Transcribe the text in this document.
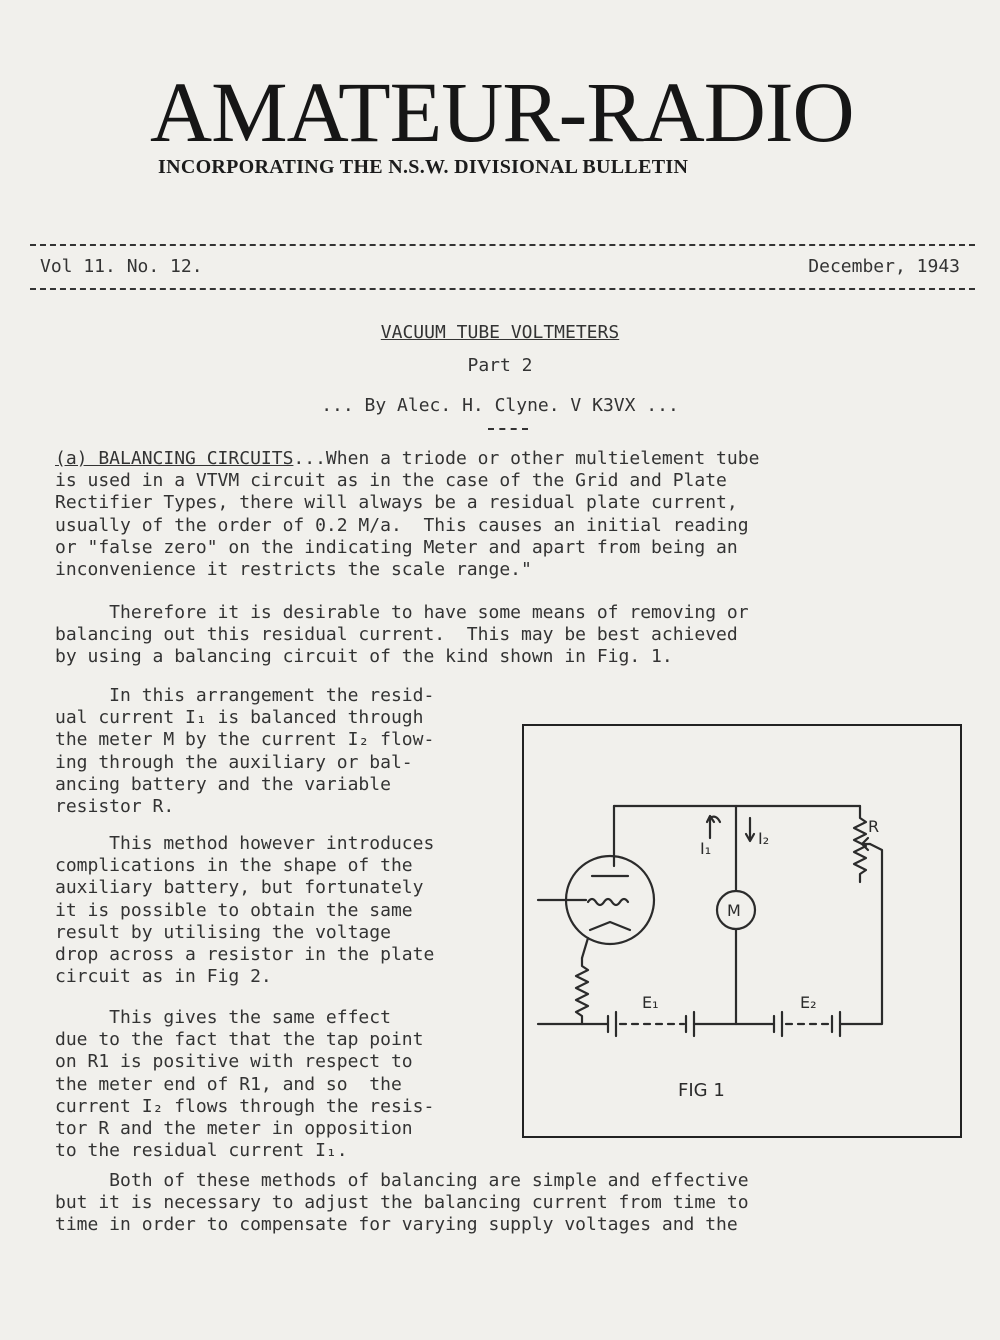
AMATEUR-RADIO
INCORPORATING THE N.S.W. DIVISIONAL BULLETIN
Vol 11. No. 12.	December, 1943
VACUUM TUBE VOLTMETERS
Part 2
... By Alec. H. Clyne. V K3VX ...
(a) BALANCING CIRCUITS...When a triode or other multielement tube
is used in a VTVM circuit as in the case of the Grid and Plate
Rectifier Types, there will always be a residual plate current,
usually of the order of 0.2 M/a.  This causes an initial reading
or "false zero" on the indicating Meter and apart from being an
inconvenience it restricts the scale range."
Therefore it is desirable to have some means of removing or
balancing out this residual current.  This may be best achieved
by using a balancing circuit of the kind shown in Fig. 1.
In this arrangement the resid-
ual current I₁ is balanced through
the meter M by the current I₂ flow-
ing through the auxiliary or bal-
ancing battery and the variable
resistor R.
This method however introduces
complications in the shape of the
auxiliary battery, but fortunately
it is possible to obtain the same
result by utilising the voltage
drop across a resistor in the plate
circuit as in Fig 2.
This gives the same effect
due to the fact that the tap point
on R1 is positive with respect to
the meter end of R1, and so  the
current I₂ flows through the resis-
tor R and the meter in opposition
to the residual current I₁.
Both of these methods of balancing are simple and effective
but it is necessary to adjust the balancing current from time to
time in order to compensate for varying supply voltages and the
I₁
I₂
R
M
E₁	E₂
FIG 1
